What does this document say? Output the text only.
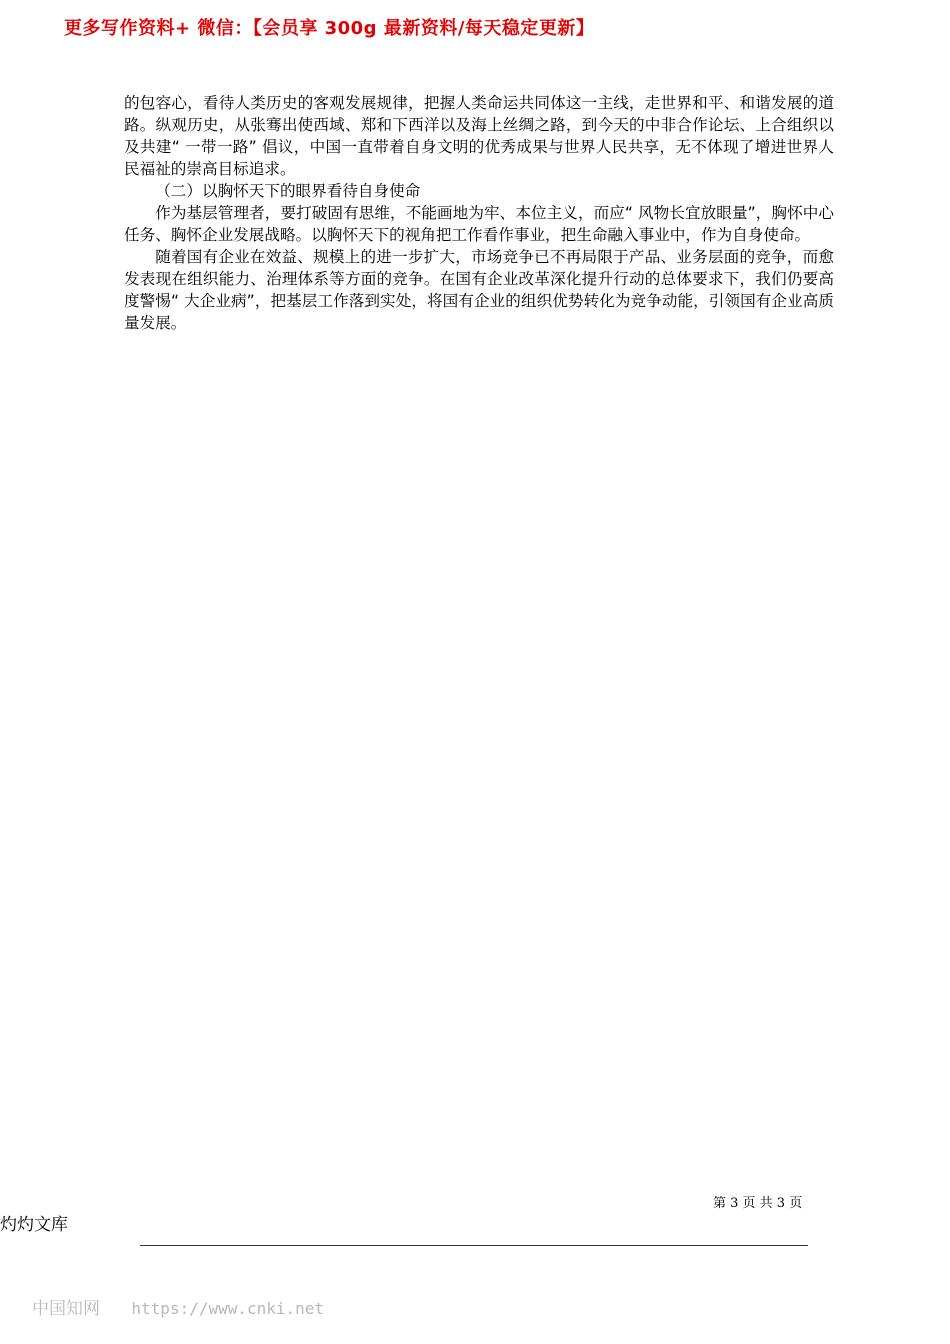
更多写作资料+ 微信：【会员享 300g 最新资料/每天稳定更新】

的包容心，看待人类历史的客观发展规律，把握人类命运共同体这一主线，走世界和平、和谐发展的道路。纵观历史，从张骞出使西域、郑和下西洋以及海上丝绸之路，到今天的中非合作论坛、上合组织以及共建“ 一带一路” 倡议，中国一直带着自身文明的优秀成果与世界人民共享，无不体现了增进世界人民福祉的崇高目标追求。

（二）以胸怀天下的眼界看待自身使命

作为基层管理者，要打破固有思维，不能画地为牢、本位主义，而应“ 风物长宜放眼量”，胸怀中心任务、胸怀企业发展战略。以胸怀天下的视角把工作看作事业，把生命融入事业中，作为自身使命。

随着国有企业在效益、规模上的进一步扩大，市场竞争已不再局限于产品、业务层面的竞争，而愈发表现在组织能力、治理体系等方面的竞争。在国有企业改革深化提升行动的总体要求下，我们仍要高度警惕“ 大企业病”，把基层工作落到实处，将国有企业的组织优势转化为竞争动能，引领国有企业高质量发展。

第 3 页 共 3 页
灼灼文库
中国知网 https://www.cnki.net
